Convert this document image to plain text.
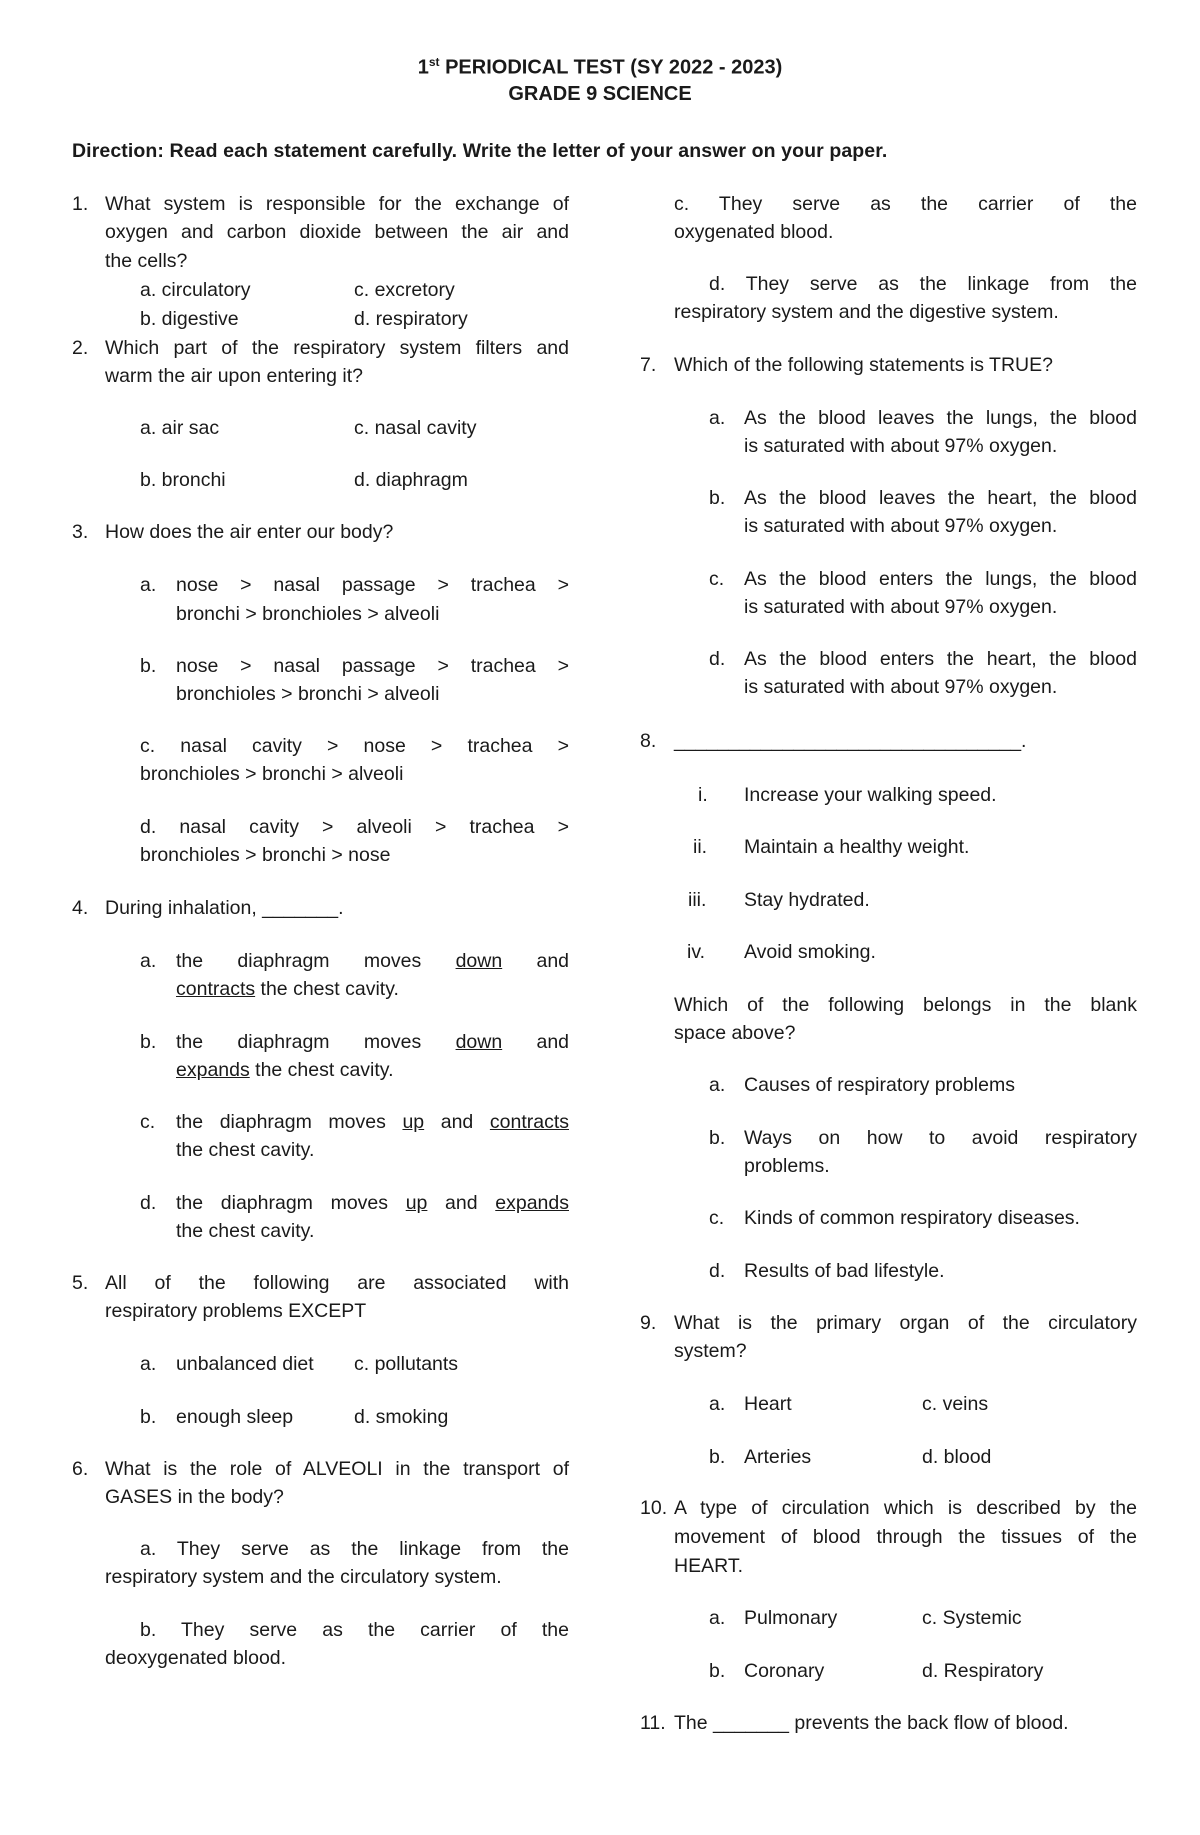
1st PERIODICAL TEST (SY 2022 - 2023)
GRADE 9 SCIENCE
Direction: Read each statement carefully. Write the letter of your answer on your paper.
1. What system is responsible for the exchange of
oxygen and carbon dioxide between the air and
the cells?
a. circulatory	c. excretory
b. digestive	d. respiratory
2. Which part of the respiratory system filters and
warm the air upon entering it?
a. air sac	c. nasal cavity
b. bronchi	d. diaphragm
3. How does the air enter our body?
a. nose > nasal passage > trachea >
bronchi > bronchioles > alveoli
b. nose > nasal passage > trachea >
bronchioles > bronchi > alveoli
c. nasal cavity > nose > trachea >
bronchioles > bronchi > alveoli
d. nasal cavity > alveoli > trachea >
bronchioles > bronchi > nose
4. During inhalation, _______.
a. the diaphragm moves down and
contracts the chest cavity.
b. the diaphragm moves down and
expands the chest cavity.
c. the diaphragm moves up and contracts
the chest cavity.
d. the diaphragm moves up and expands
the chest cavity.
5. All of the following are associated with
respiratory problems EXCEPT
a. unbalanced diet c. pollutants
b. enough sleep	d. smoking
6. What is the role of ALVEOLI in the transport of
GASES in the body?
a. They serve as the linkage from the
respiratory system and the circulatory system.
b. They serve as the carrier of the
deoxygenated blood.
c. They serve as the carrier of the
oxygenated blood.
d. They serve as the linkage from the
respiratory system and the digestive system.
7. Which of the following statements is TRUE?
a. As the blood leaves the lungs, the blood
is saturated with about 97% oxygen.
b. As the blood leaves the heart, the blood
is saturated with about 97% oxygen.
c. As the blood enters the lungs, the blood
is saturated with about 97% oxygen.
d. As the blood enters the heart, the blood
is saturated with about 97% oxygen.
8. ________________________________.
i. Increase your walking speed.
ii. Maintain a healthy weight.
iii. Stay hydrated.
iv. Avoid smoking.
Which of the following belongs in the blank
space above?
a. Causes of respiratory problems
b. Ways on how to avoid respiratory
problems.
c. Kinds of common respiratory diseases.
d. Results of bad lifestyle.
9. What is the primary organ of the circulatory
system?
a. Heart	c. veins
b. Arteries	d. blood
10. A type of circulation which is described by the
movement of blood through the tissues of the
HEART.
a. Pulmonary	c. Systemic
b. Coronary	d. Respiratory
11. The _______ prevents the back flow of blood.
